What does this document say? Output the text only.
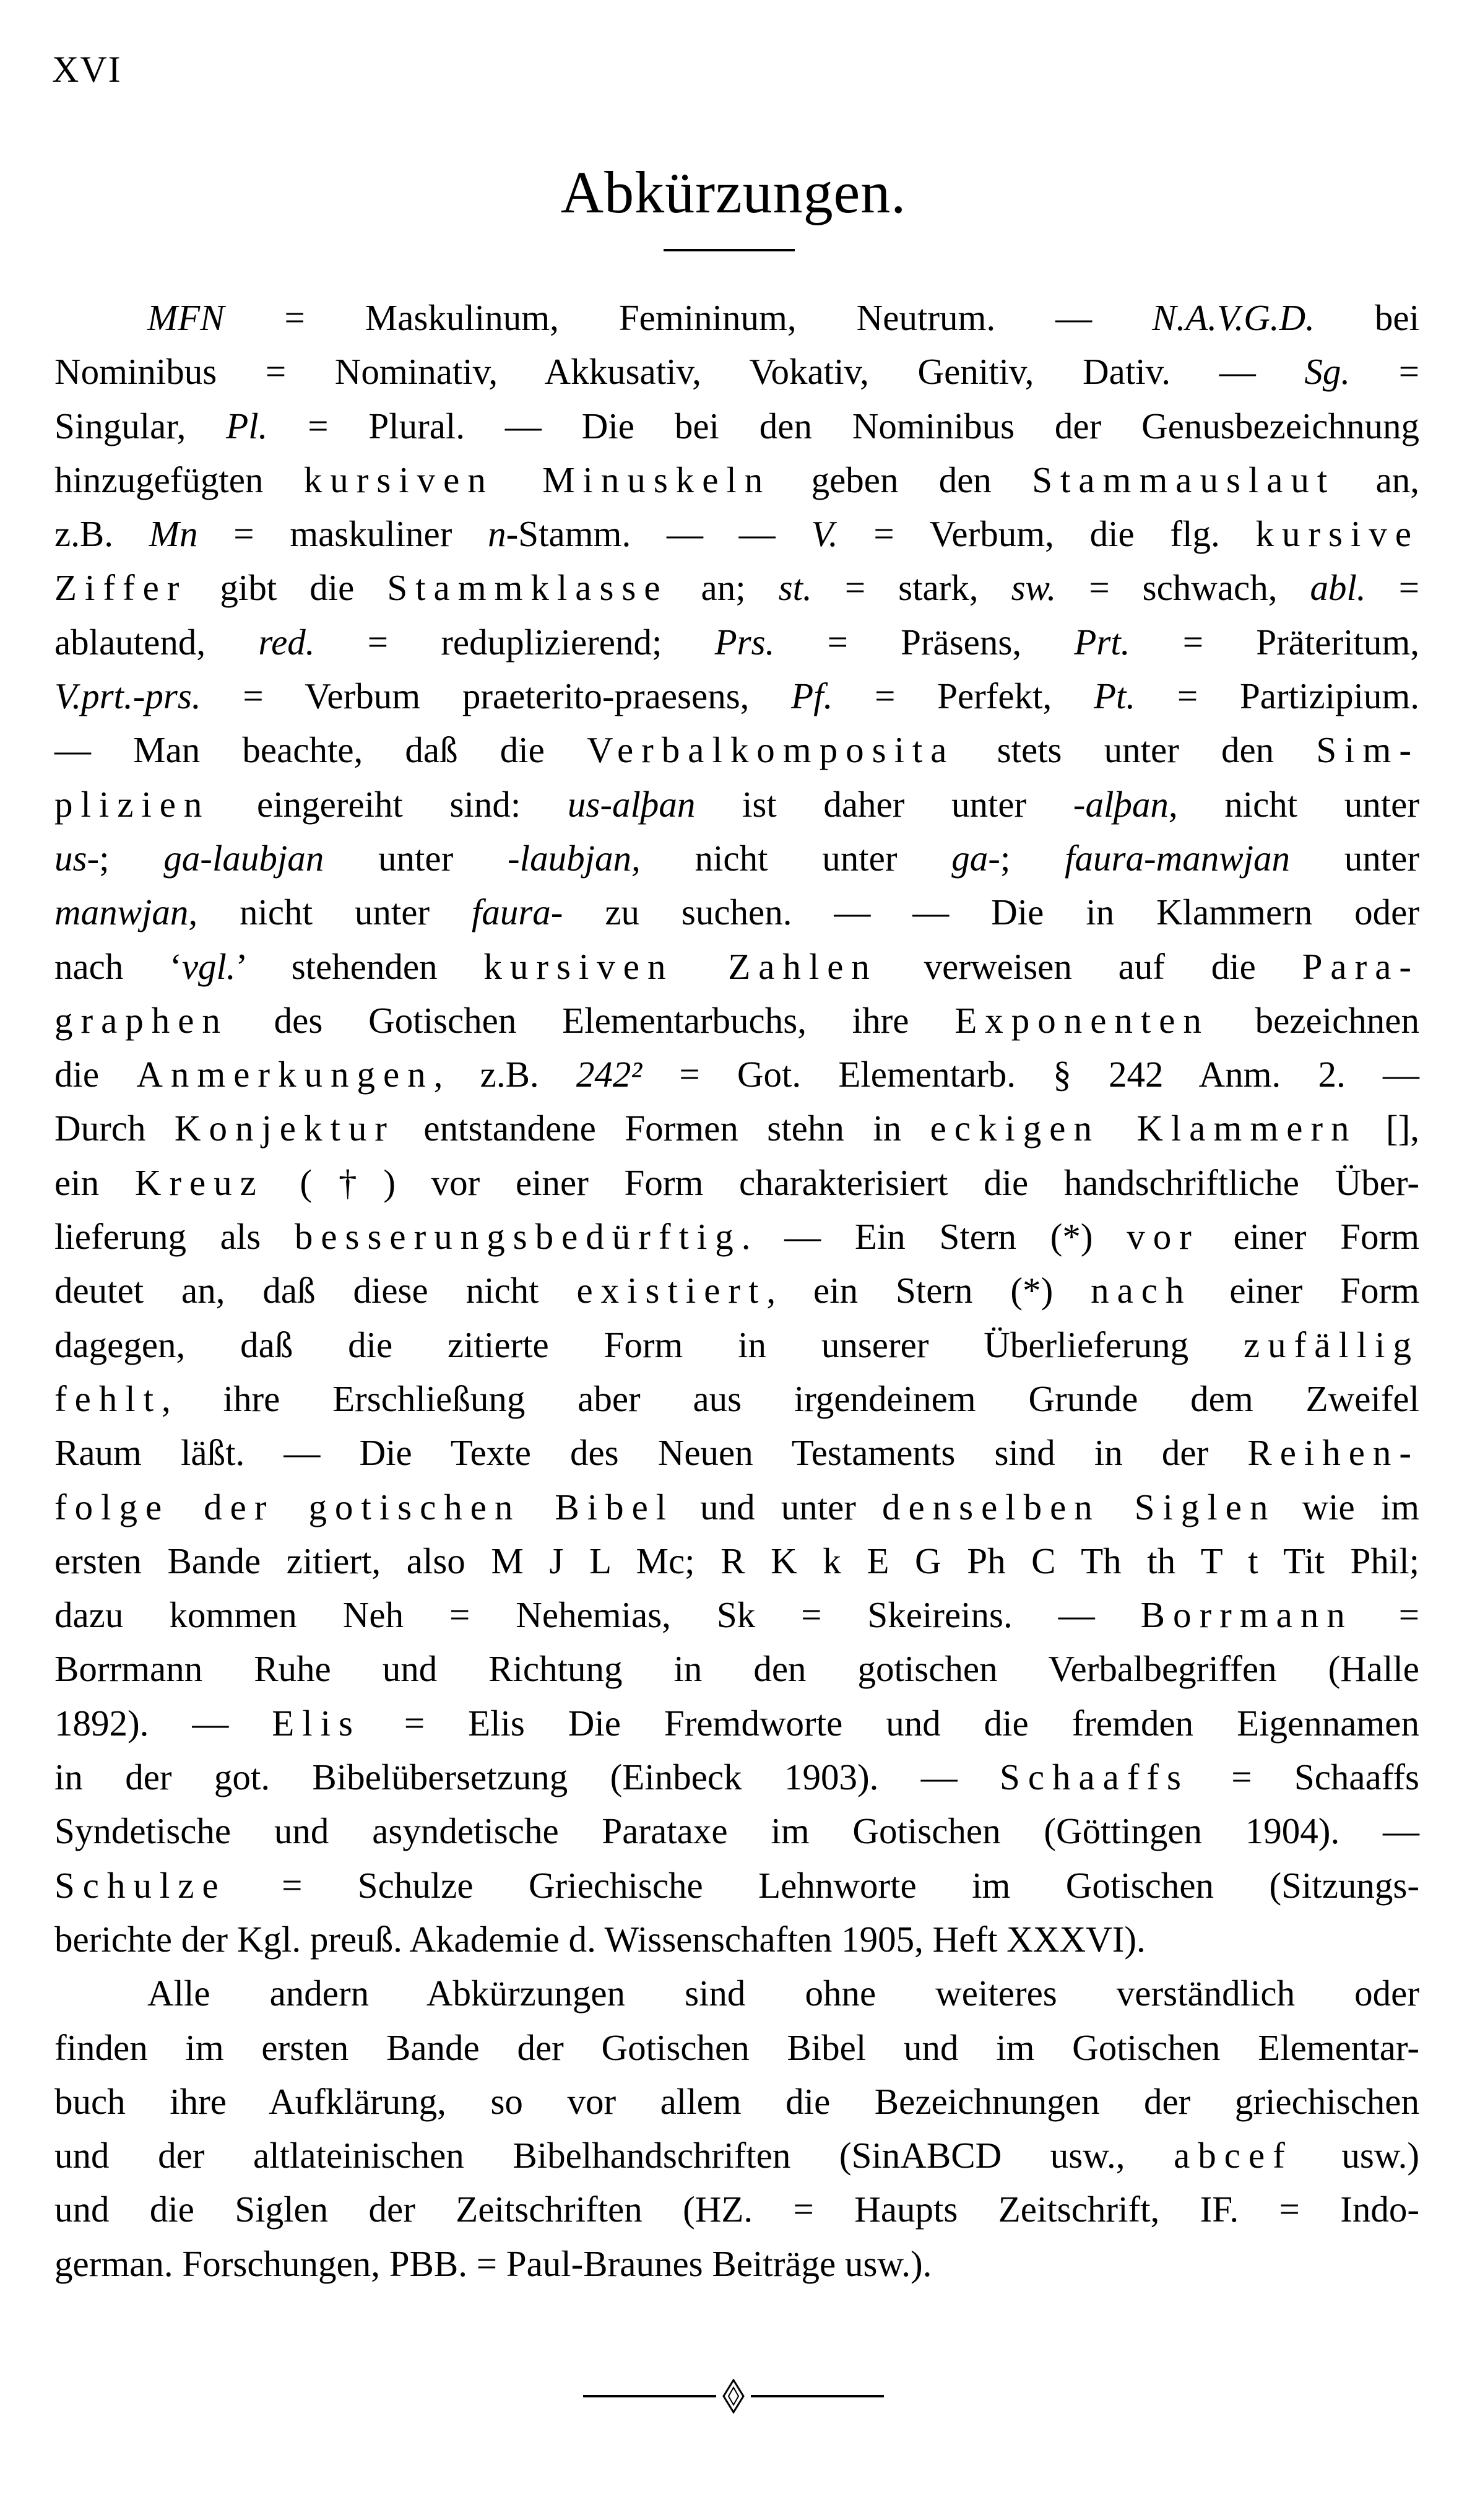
XVI
Abkürzungen.
MFN = Maskulinum, Femininum, Neutrum. — N.A.V.G.D. bei
Nominibus = Nominativ, Akkusativ, Vokativ, Genitiv, Dativ. — Sg. =
Singular, Pl. = Plural. — Die bei den Nominibus der Genusbezeichnung
hinzugefügten kursiven Minuskeln geben den Stammauslaut an,
z.B. Mn = maskuliner n-Stamm. — — V. = Verbum, die flg. kursive
Ziffer gibt die Stammklasse an; st. = stark, sw. = schwach, abl. =
ablautend, red. = reduplizierend; Prs. = Präsens, Prt. = Präteritum,
V.prt.-prs. = Verbum praeterito-praesens, Pf. = Perfekt, Pt. = Partizipium.
— Man beachte, daß die Verbalkomposita stets unter den Sim-
plizien eingereiht sind: us-alþan ist daher unter -alþan, nicht unter
us-; ga-laubjan unter -laubjan, nicht unter ga-; faura-manwjan unter
manwjan, nicht unter faura- zu suchen. — — Die in Klammern oder
nach ‘vgl.’ stehenden kursiven Zahlen verweisen auf die Para-
graphen des Gotischen Elementarbuchs, ihre Exponenten bezeichnen
die Anmerkungen, z.B. 242² = Got. Elementarb. § 242 Anm. 2. —
Durch Konjektur entstandene Formen stehn in eckigen Klammern [],
ein Kreuz (†) vor einer Form charakterisiert die handschriftliche Über-
lieferung als besserungsbedürftig. — Ein Stern (*) vor einer Form
deutet an, daß diese nicht existiert, ein Stern (*) nach einer Form
dagegen, daß die zitierte Form in unserer Überlieferung zufällig
fehlt, ihre Erschließung aber aus irgendeinem Grunde dem Zweifel
Raum läßt. — Die Texte des Neuen Testaments sind in der Reihen-
folge der gotischen Bibel und unter denselben Siglen wie im
ersten Bande zitiert, also M J L Mc; R K k E G Ph C Th th T t Tit Phil;
dazu kommen Neh = Nehemias, Sk = Skeireins. — Borrmann =
Borrmann Ruhe und Richtung in den gotischen Verbalbegriffen (Halle
1892). — Elis = Elis Die Fremdworte und die fremden Eigennamen
in der got. Bibelübersetzung (Einbeck 1903). — Schaaffs = Schaaffs
Syndetische und asyndetische Parataxe im Gotischen (Göttingen 1904). —
Schulze = Schulze Griechische Lehnworte im Gotischen (Sitzungs-
berichte der Kgl. preuß. Akademie d. Wissenschaften 1905, Heft XXXVI).
Alle andern Abkürzungen sind ohne weiteres verständlich oder
finden im ersten Bande der Gotischen Bibel und im Gotischen Elementar-
buch ihre Aufklärung, so vor allem die Bezeichnungen der griechischen
und der altlateinischen Bibelhandschriften (SinABCD usw., abcef usw.)
und die Siglen der Zeitschriften (HZ. = Haupts Zeitschrift, IF. = Indo-
german. Forschungen, PBB. = Paul-Braunes Beiträge usw.).
